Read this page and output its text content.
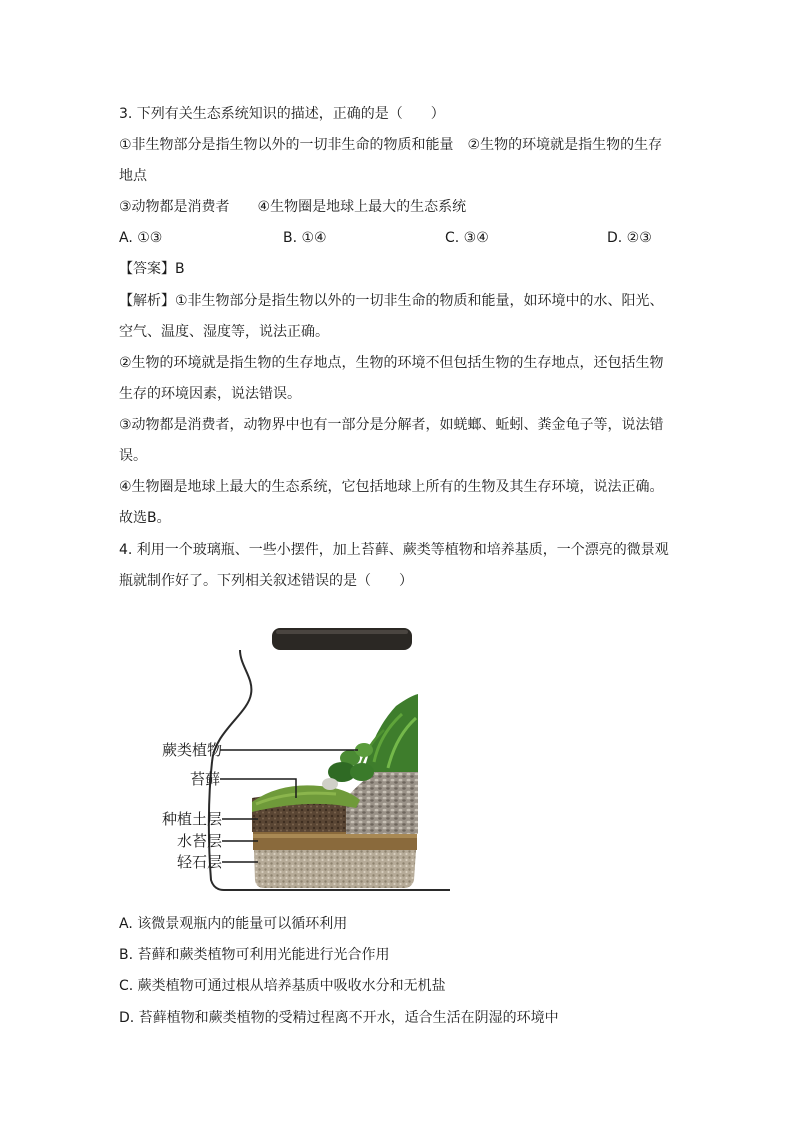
3. 下列有关生态系统知识的描述，正确的是（　　）
①非生物部分是指生物以外的一切非生命的物质和能量　②生物的环境就是指生物的生存
地点
③动物都是消费者　　④生物圈是地球上最大的生态系统
A. ①③	B. ①④	C. ③④	D. ②③
【答案】B
【解析】①非生物部分是指生物以外的一切非生命的物质和能量，如环境中的水、阳光、
空气、温度、湿度等，说法正确。
②生物的环境就是指生物的生存地点，生物的环境不但包括生物的生存地点，还包括生物
生存的环境因素，说法错误。
③动物都是消费者，动物界中也有一部分是分解者，如蜣螂、蚯蚓、粪金龟子等，说法错
误。
④生物圈是地球上最大的生态系统，它包括地球上所有的生物及其生存环境，说法正确。
故选B。
4. 利用一个玻璃瓶、一些小摆件，加上苔藓、蕨类等植物和培养基质，一个漂亮的微景观
瓶就制作好了。下列相关叙述错误的是（　　）
蕨类植物
苔藓
种植土层
水苔层
轻石层
A. 该微景观瓶内的能量可以循环利用
B. 苔藓和蕨类植物可利用光能进行光合作用
C. 蕨类植物可通过根从培养基质中吸收水分和无机盐
D. 苔藓植物和蕨类植物的受精过程离不开水，适合生活在阴湿的环境中
